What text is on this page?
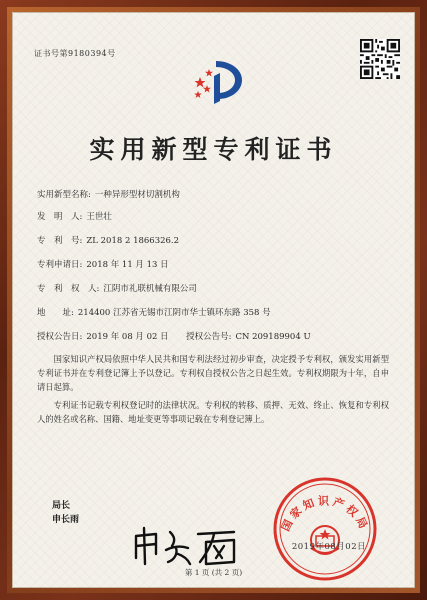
证书号第9180394号
实用新型专利证书
实用新型名称: 一种异形型材切割机构
发　明　人: 王世壮
专　利　号: ZL 2018 2 1866326.2
专利申请日: 2018 年 11 月 13 日
专　利　权　人: 江阴市礼联机械有限公司
地　　址: 214400 江苏省无锡市江阴市华士镇环东路 358 号
授权公告日: 2019 年 08 月 02 日 授权公告号: CN 209189904 U
国家知识产权局依照中华人民共和国专利法经过初步审查，决定授予专利权，颁发实用新型专利证书并在专利登记簿上予以登记。专利权自授权公告之日起生效。专利权期限为十年，自申请日起算。
专利证书记载专利权登记时的法律状况。专利权的转移、质押、无效、终止、恢复和专利权人的姓名或名称、国籍、地址变更等事项记载在专利登记簿上。
局长
申长雨	国家知识产权局
2019年08月02日
第 1 页 (共 2 页)
